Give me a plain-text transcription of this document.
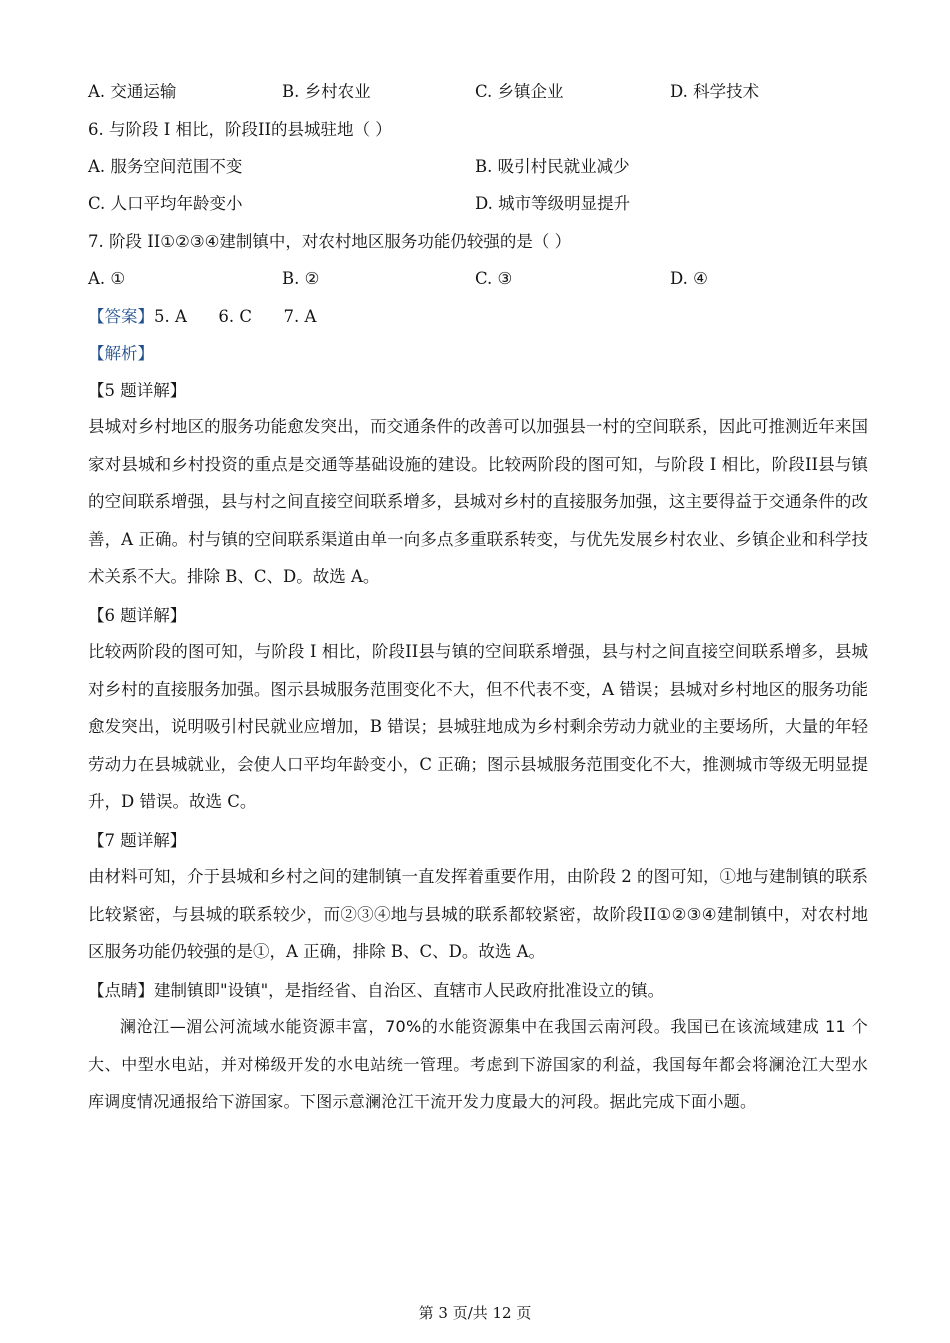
A. 交通运输	B. 乡村农业	C. 乡镇企业	D. 科学技术
6. 与阶段 I 相比，阶段II的县城驻地（ ）
A. 服务空间范围不变	B. 吸引村民就业减少
C. 人口平均年龄变小	D. 城市等级明显提升
7. 阶段 II①②③④建制镇中，对农村地区服务功能仍较强的是（ ）
A. ①	B. ②	C. ③	D. ④
【答案】5. A      6. C      7. A
【解析】
【5 题详解】
县城对乡村地区的服务功能愈发突出，而交通条件的改善可以加强县一村的空间联系，因此可推测近年来国家对县城和乡村投资的重点是交通等基础设施的建设。比较两阶段的图可知，与阶段 I 相比，阶段II县与镇的空间联系增强，县与村之间直接空间联系增多，县城对乡村的直接服务加强，这主要得益于交通条件的改善，A 正确。村与镇的空间联系渠道由单一向多点多重联系转变，与优先发展乡村农业、乡镇企业和科学技术关系不大。排除 B、C、D。故选 A。
【6 题详解】
比较两阶段的图可知，与阶段 I 相比，阶段II县与镇的空间联系增强，县与村之间直接空间联系增多，县城对乡村的直接服务加强。图示县城服务范围变化不大，但不代表不变，A 错误；县城对乡村地区的服务功能愈发突出，说明吸引村民就业应增加，B 错误；县城驻地成为乡村剩余劳动力就业的主要场所，大量的年轻劳动力在县城就业，会使人口平均年龄变小，C 正确；图示县城服务范围变化不大，推测城市等级无明显提升，D 错误。故选 C。
【7 题详解】
由材料可知，介于县城和乡村之间的建制镇一直发挥着重要作用，由阶段 2 的图可知，①地与建制镇的联系比较紧密，与县城的联系较少，而②③④地与县城的联系都较紧密，故阶段II①②③④建制镇中，对农村地区服务功能仍较强的是①，A 正确，排除 B、C、D。故选 A。
【点睛】建制镇即"设镇"，是指经省、自治区、直辖市人民政府批准设立的镇。
澜沧江—湄公河流域水能资源丰富，70%的水能资源集中在我国云南河段。我国已在该流域建成 11 个大、中型水电站，并对梯级开发的水电站统一管理。考虑到下游国家的利益，我国每年都会将澜沧江大型水库调度情况通报给下游国家。下图示意澜沧江干流开发力度最大的河段。据此完成下面小题。
第 3 页/共 12 页
